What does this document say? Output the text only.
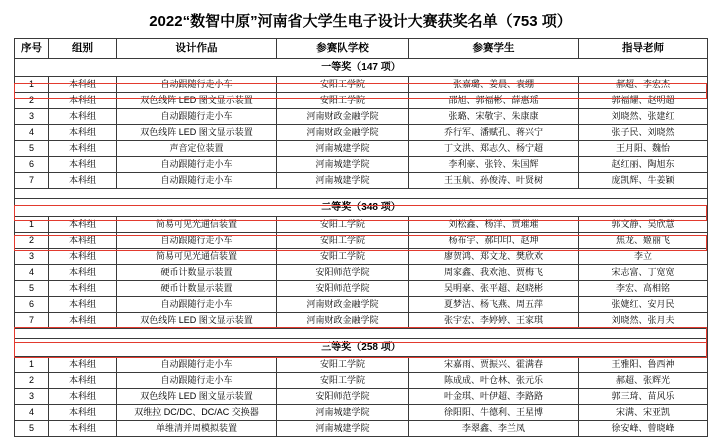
2022“数智中原”河南省大学生电子设计大赛获奖名单（753 项）
序号	组别	设计作品	参赛队学校	参赛学生	指导老师
一等奖（147 项）					
1	本科组	自动跟随行走小车	安阳工学院	张嘉璐、姜晨、袁绷	郝超、李宏杰
2	本科组	双色线阵 LED 图文显示装置	安阳工学院	邵旭、郭福彬、薛惠瑶	郭福耀、赵明超
3	本科组	自动跟随行走小车	河南财政金融学院	张璐、宋敬宇、朱康康	刘晓然、张建红
4	本科组	双色线阵 LED 图文显示装置	河南财政金融学院	乔行军、潘赋孔、蒋兴宁	张子民、刘晓然
5	本科组	声音定位装置	河南城建学院	丁文洪、郑志久、杨宁超	王月阳、魏怡
6	本科组	自动跟随行走小车	河南城建学院	李利豪、张铃、朱国辉	赵红丽、陶旭东
7	本科组	自动跟随行走小车	河南城建学院	王玉航、孙俊涛、叶贤树	庞凯辉、牛姜颖

二等奖（348 项）					
1	本科组	简易可见光通信装置	安阳工学院	刘松鑫、杨洋、贾璀璀	郭文静、吴欣慧
2	本科组	自动跟随行走小车	安阳工学院	杨布宇、郝印印、赵坤	焦龙、姬丽飞
3	本科组	简易可见光通信装置	安阳工学院	廖贺鸿、郑文龙、樊欣欢	李立
4	本科组	硬币计数显示装置	安阳师范学院	周家鑫、我欢池、贾梅飞	宋志富、丁宽宽
5	本科组	硬币计数显示装置	安阳师范学院	吴明豪、张平超、赵晓彬	李宏、高相铭
6	本科组	自动跟随行走小车	河南财政金融学院	夏梦洁、杨飞燕、周五萍	张婕红、安月民
7	本科组	双色线阵 LED 图文显示装置	河南财政金融学院	张宇宏、李婷婷、王家琪	刘晓然、张月夫

三等奖（258 项）					
1	本科组	自动跟随行走小车	安阳工学院	宋嘉雨、贾振兴、霍满春	王雅阳、鲁西神
2	本科组	自动跟随行走小车	安阳工学院	陈成成、叶仓林、张元乐	郝超、张辉光
3	本科组	双色线阵 LED 图文显示装置	安阳师范学院	叶金琪、叶伊超、李路路	郭三琦、苗风乐
4	本科组	双维拉 DC/DC、DC/AC 交换器	河南城建学院	徐阳阳、牛德利、王星博	宋满、宋亚凯
5	本科组	单维清并周模拟装置	河南城建学院	李翠鑫、李兰凤	徐安峰、曾晓峰
